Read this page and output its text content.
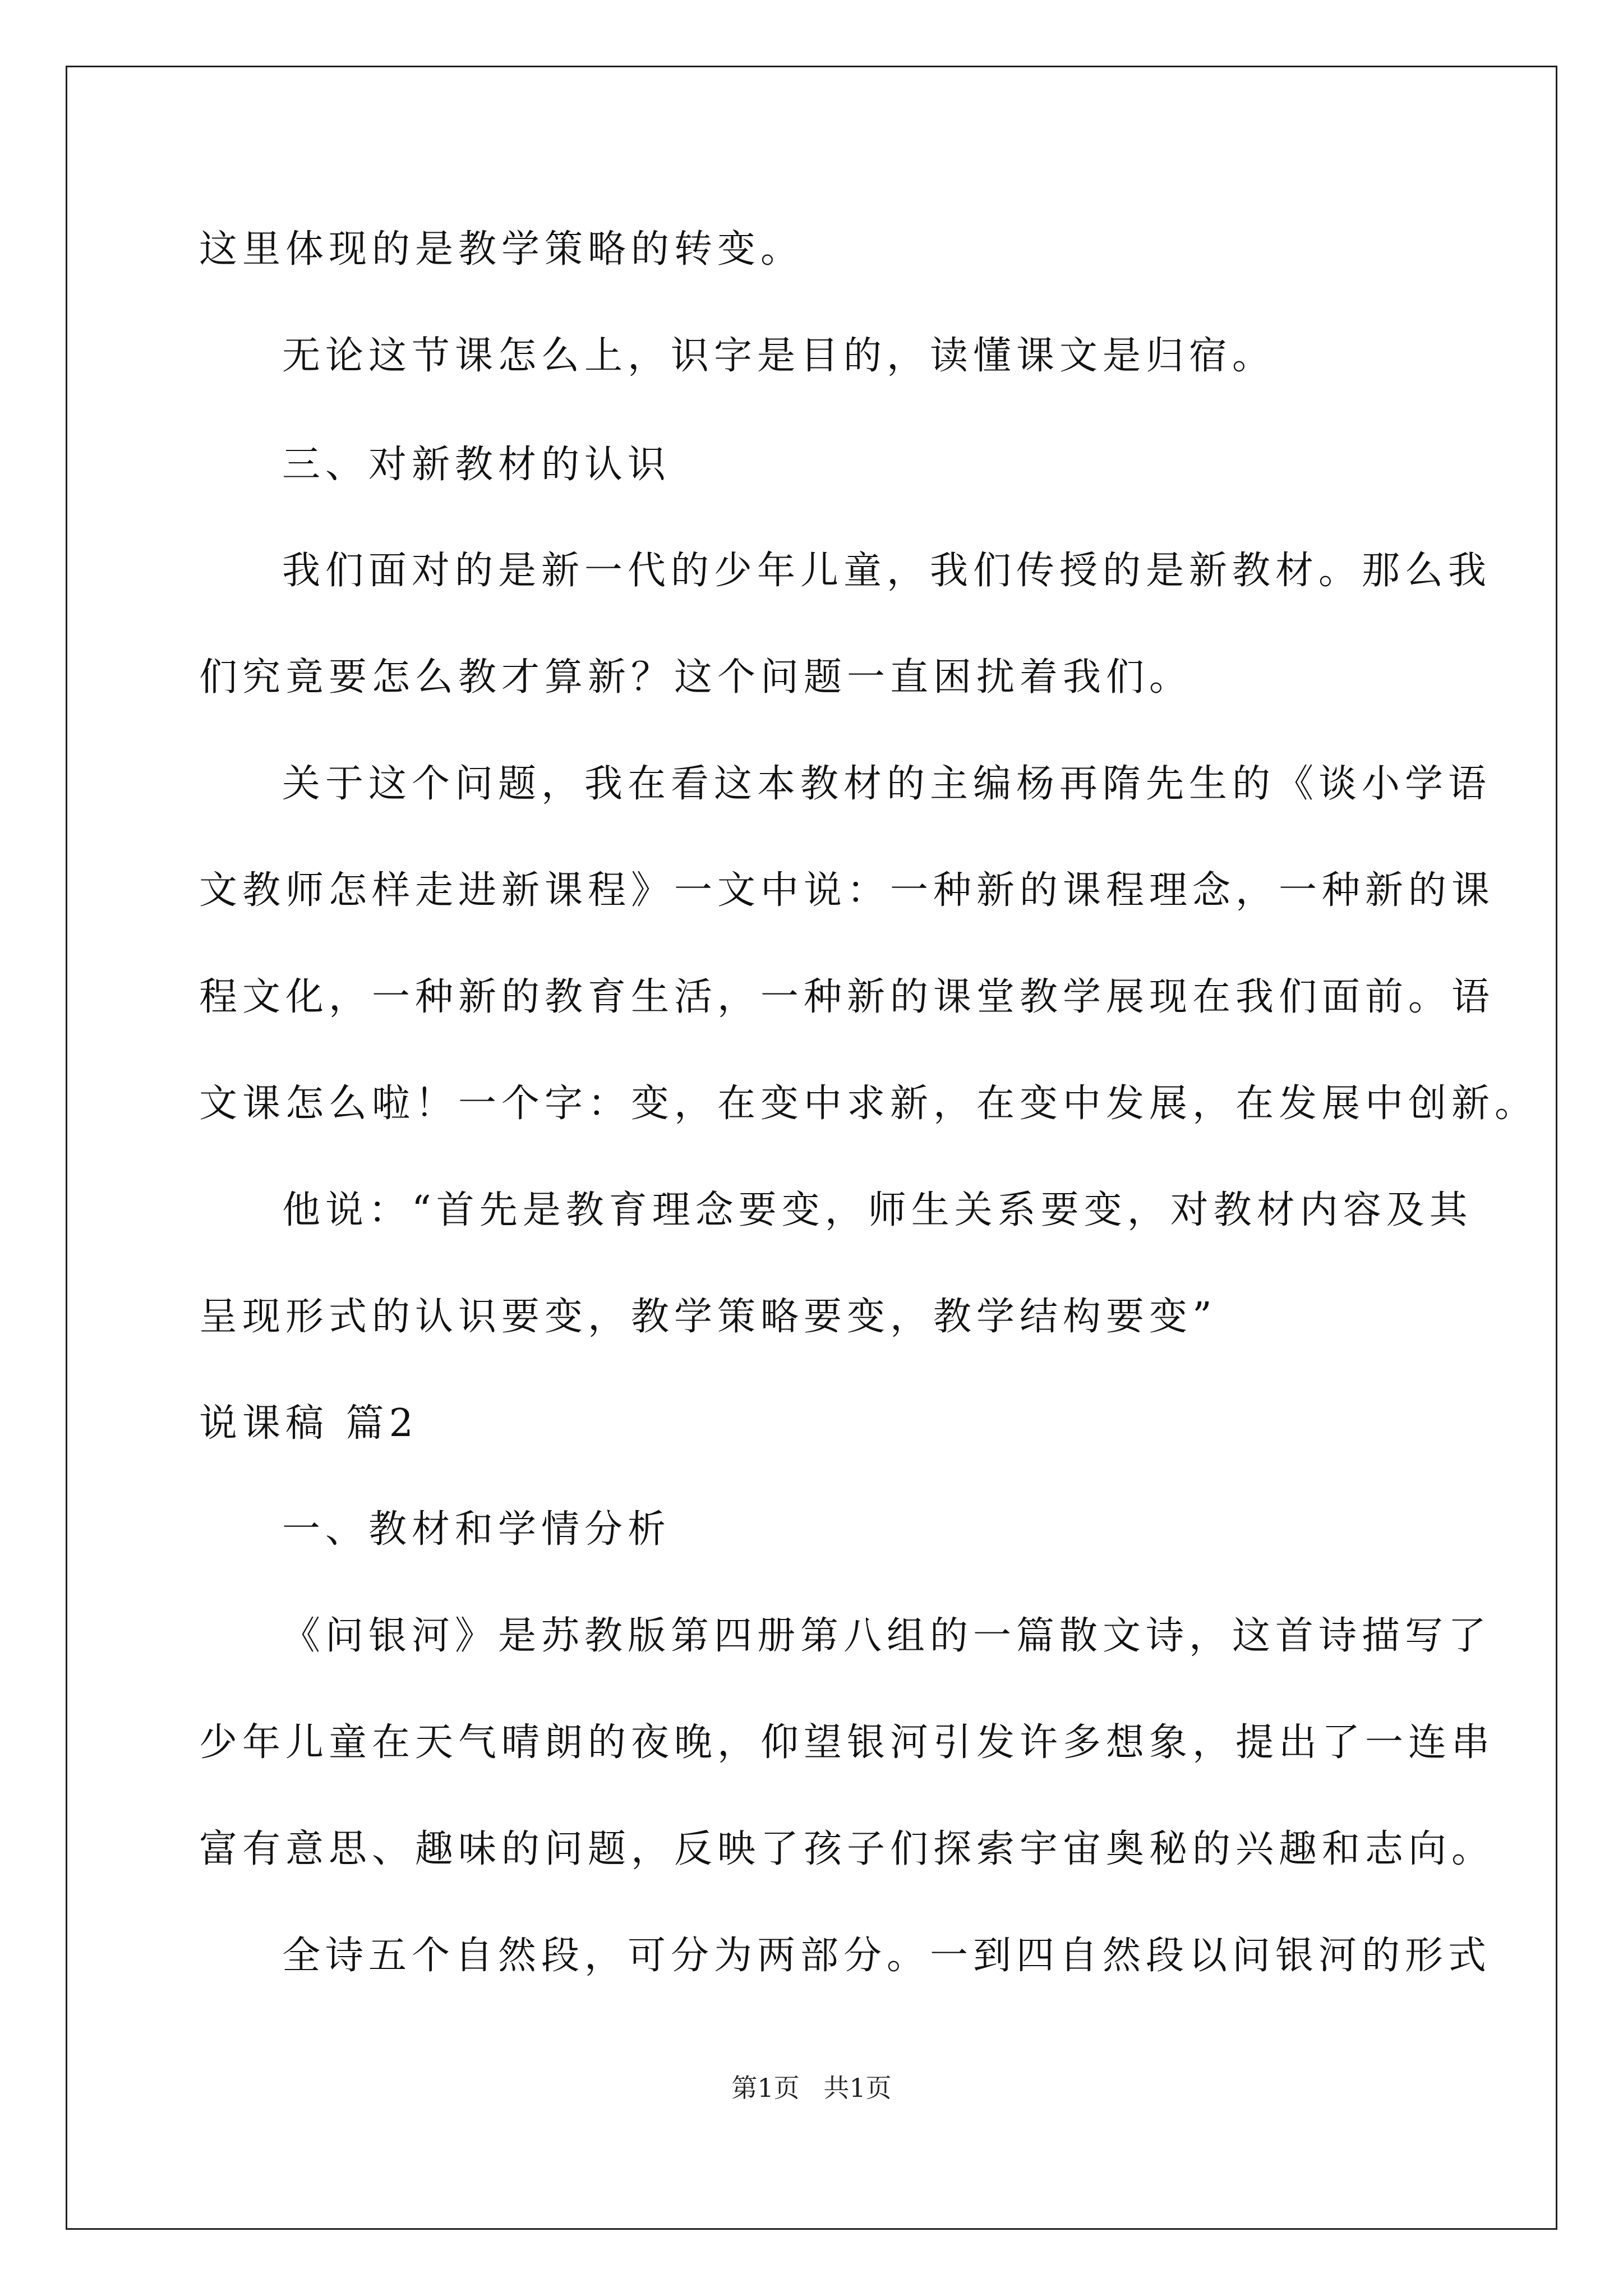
这里体现的是教学策略的转变。
无论这节课怎么上，识字是目的，读懂课文是归宿。
三、对新教材的认识
我们面对的是新一代的少年儿童，我们传授的是新教材。那么我
们究竟要怎么教才算新？这个问题一直困扰着我们。
关于这个问题，我在看这本教材的主编杨再隋先生的《谈小学语
文教师怎样走进新课程》一文中说：一种新的课程理念，一种新的课
程文化，一种新的教育生活，一种新的课堂教学展现在我们面前。语
文课怎么啦！一个字：变，在变中求新，在变中发展，在发展中创新。
他说：“首先是教育理念要变，师生关系要变，对教材内容及其
呈现形式的认识要变，教学策略要变，教学结构要变”
说课稿 篇2
一、教材和学情分析
《问银河》是苏教版第四册第八组的一篇散文诗，这首诗描写了
少年儿童在天气晴朗的夜晚，仰望银河引发许多想象，提出了一连串
富有意思、趣味的问题，反映了孩子们探索宇宙奥秘的兴趣和志向。
全诗五个自然段，可分为两部分。一到四自然段以问银河的形式
第1页 共1页
